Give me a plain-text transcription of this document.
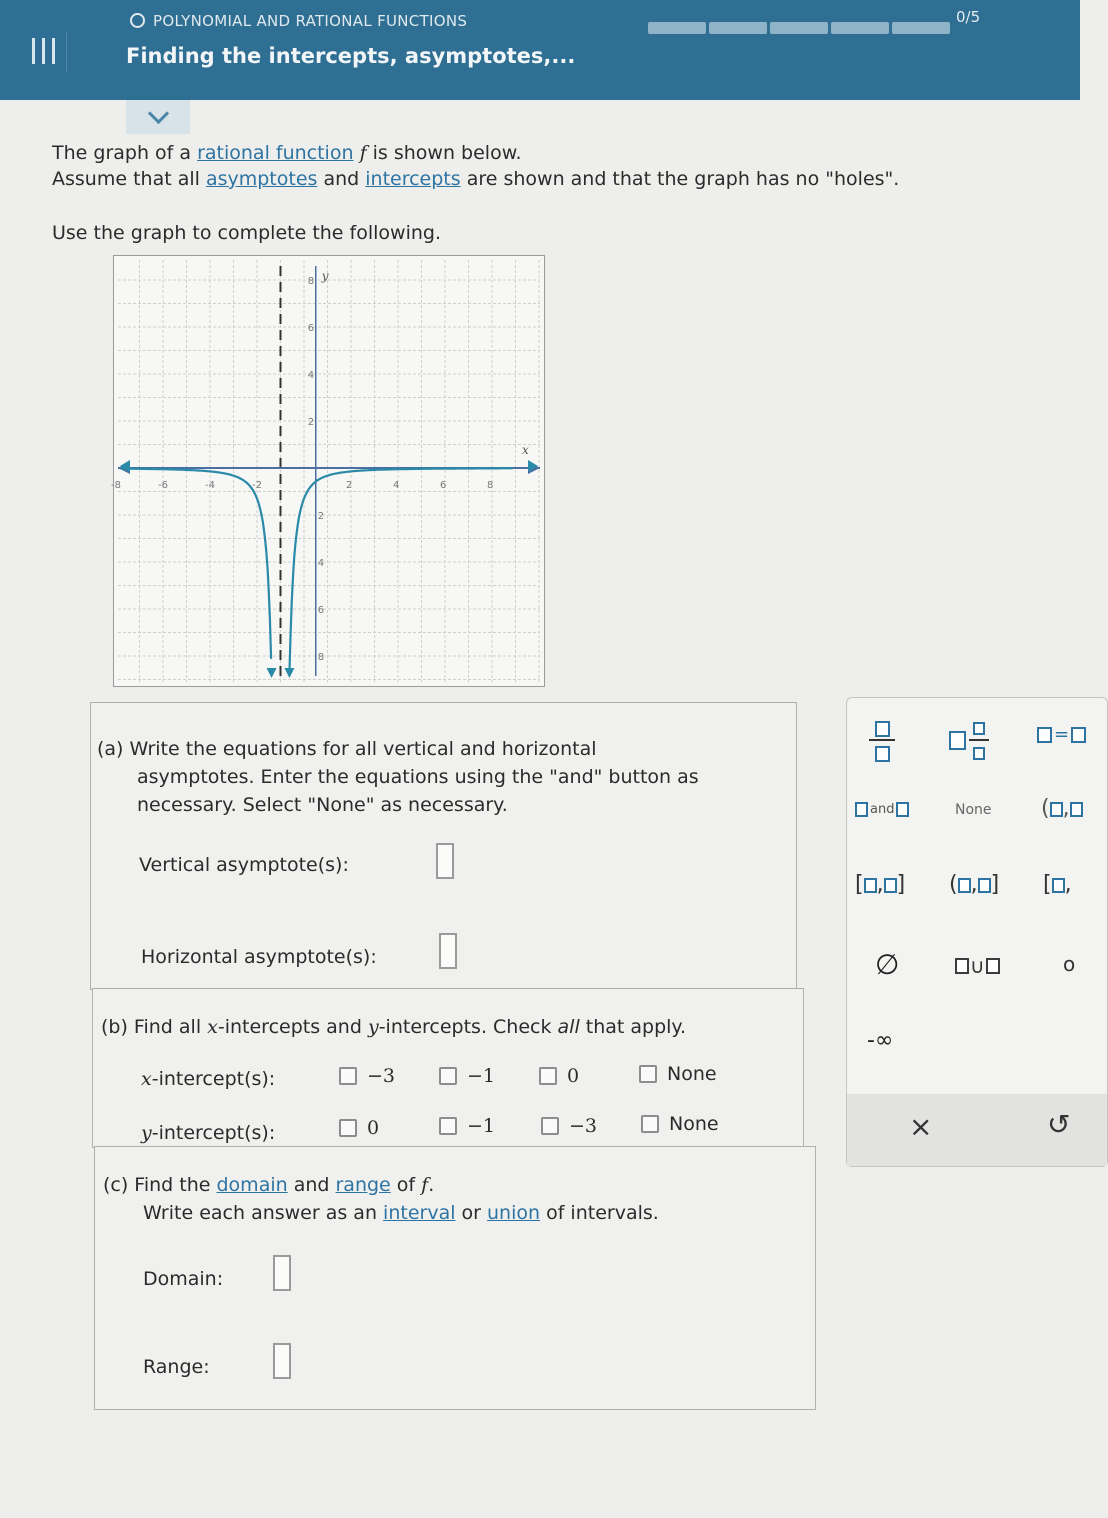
POLYNOMIAL AND RATIONAL FUNCTIONS
Finding the intercepts, asymptotes,...
0/5
The graph of a rational function f is shown below.
Assume that all asymptotes and intercepts are shown and that the graph has no "holes".
Use the graph to complete the following.
x
y
-8	-6	-4	-2	2	4	6	8
8
6
4
2
2
4
6
8
(a) Write the equations for all vertical and horizontal
asymptotes. Enter the equations using the "and" button as
necessary. Select "None" as necessary.
Vertical asymptote(s):
Horizontal asymptote(s):
(b) Find all x-intercepts and y-intercepts. Check all that apply.
x-intercept(s):	−3	−1	0	None
y-intercept(s):	0	−1	−3	None
(c) Find the domain and range of f.
Write each answer as an interval or union of intervals.
Domain:
Range:
=
and	None ( ,
[ , ] ( , ] [ ,
∅	∪	o
-∞
×	↺
